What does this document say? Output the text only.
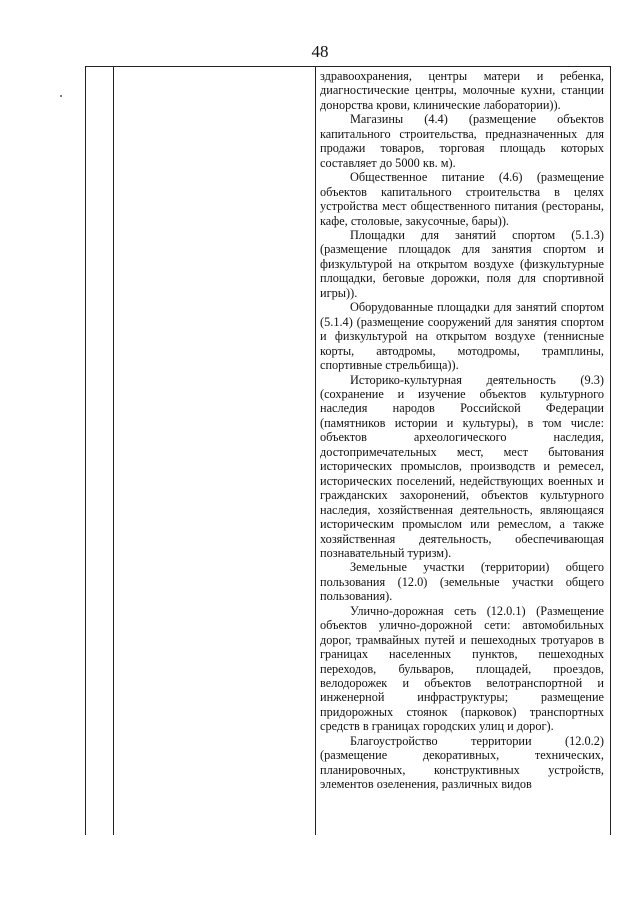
48

здравоохранения, центры матери и ребенка, диагностические центры, молочные кухни, станции донорства крови, клинические лаборатории)).

Магазины (4.4) (размещение объектов капитального строительства, предназначенных для продажи товаров, торговая площадь которых составляет до 5000 кв. м).

Общественное питание (4.6) (размещение объектов капитального строительства в целях устройства мест общественного питания (рестораны, кафе, столовые, закусочные, бары)).

Площадки для занятий спортом (5.1.3) (размещение площадок для занятия спортом и физкультурой на открытом воздухе (физкультурные площадки, беговые дорожки, поля для спортивной игры)).

Оборудованные площадки для занятий спортом (5.1.4) (размещение сооружений для занятия спортом и физкультурой на открытом воздухе (теннисные корты, автодромы, мотодромы, трамплины, спортивные стрельбища)).

Историко-культурная деятельность (9.3) (сохранение и изучение объектов культурного наследия народов Российской Федерации (памятников истории и культуры), в том числе: объектов археологического наследия, достопримечательных мест, мест бытования исторических промыслов, производств и ремесел, исторических поселений, недействующих военных и гражданских захоронений, объектов культурного наследия, хозяйственная деятельность, являющаяся историческим промыслом или ремеслом, а также хозяйственная деятельность, обеспечивающая познавательный туризм).

Земельные участки (территории) общего пользования (12.0) (земельные участки общего пользования).

Улично-дорожная сеть (12.0.1) (Размещение объектов улично-дорожной сети: автомобильных дорог, трамвайных путей и пешеходных тротуаров в границах населенных пунктов, пешеходных переходов, бульваров, площадей, проездов, велодорожек и объектов велотранспортной и инженерной инфраструктуры; размещение придорожных стоянок (парковок) транспортных средств в границах городских улиц и дорог).

Благоустройство территории (12.0.2) (размещение декоративных, технических, планировочных, конструктивных устройств, элементов озеленения, различных видов
